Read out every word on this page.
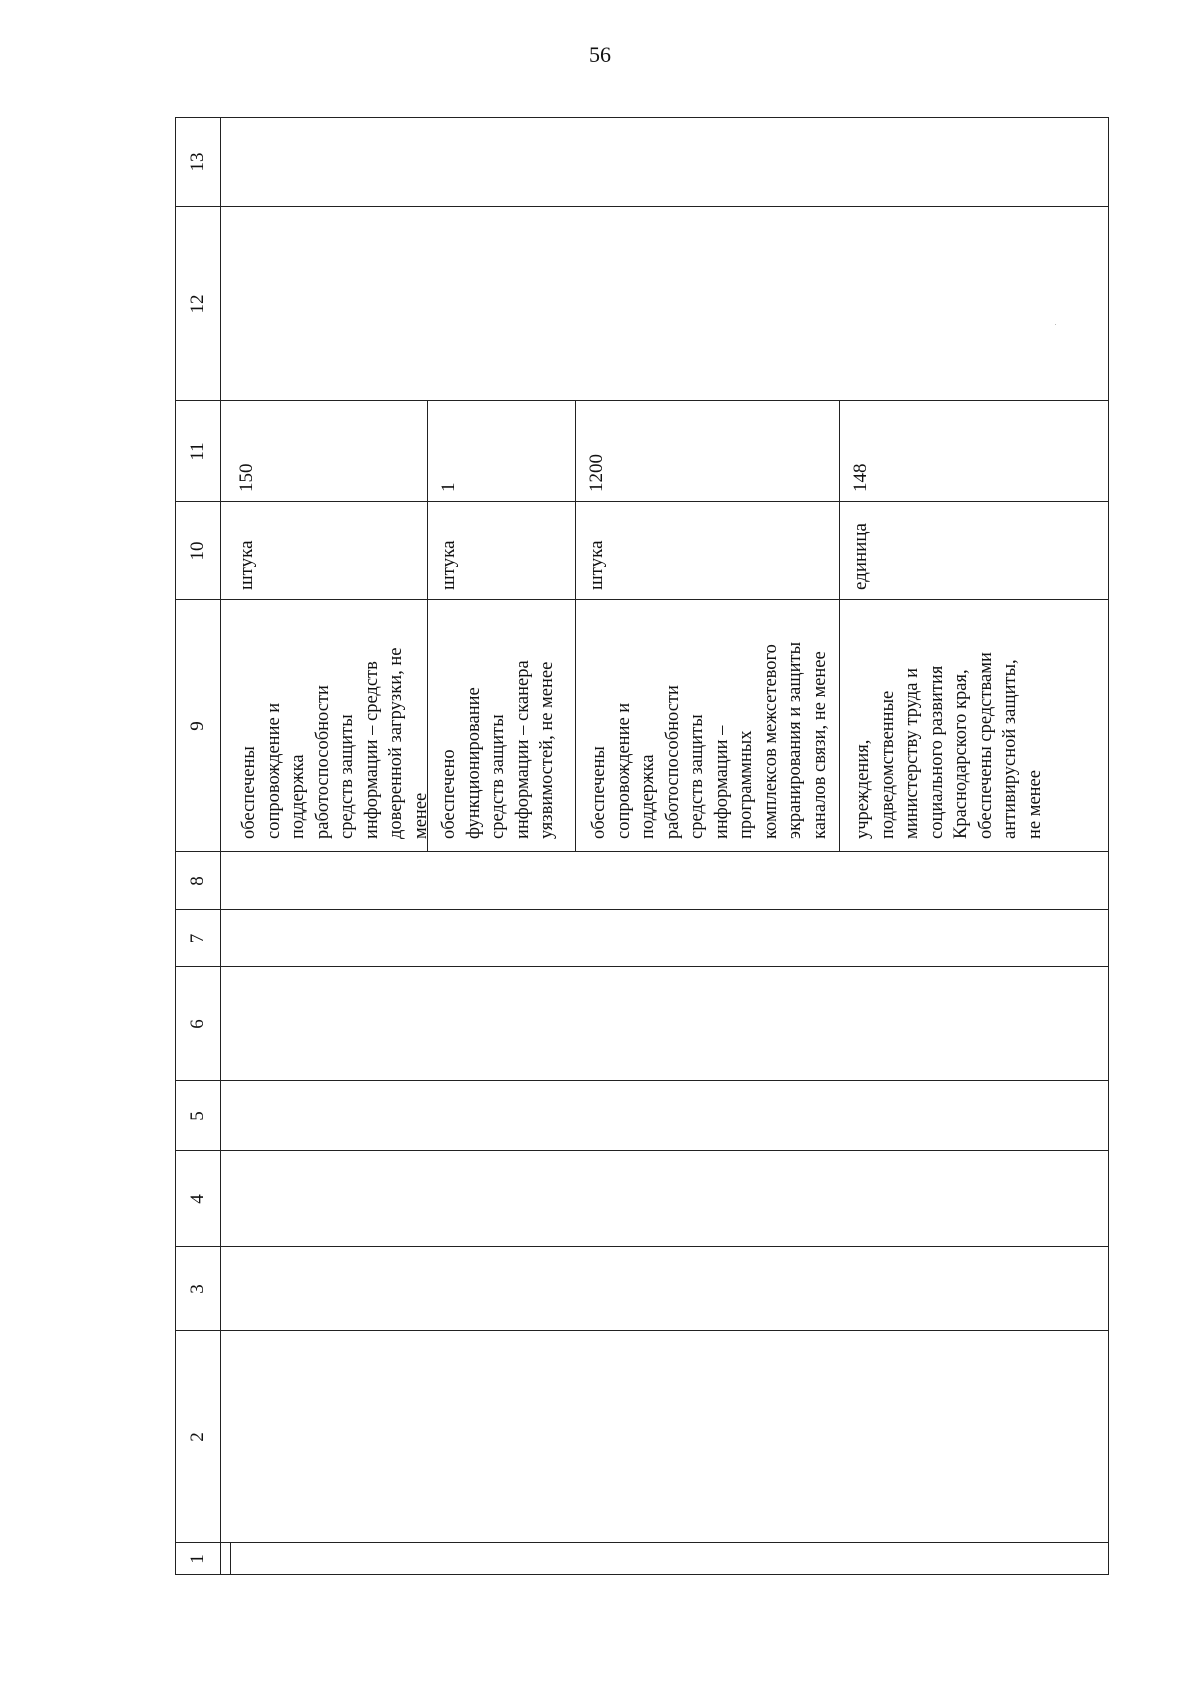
56
1
2
3
4
5
6
7
8
9
10
11
12
13
обеспечены
сопровождение и
поддержка
работоспособности
средств защиты
информации – средств
доверенной загрузки, не
менее
штука
150
обеспечено
функционирование
средств защиты
информации – сканера
уязвимостей, не менее
штука
1
обеспечены
сопровождение и
поддержка
работоспособности
средств защиты
информации –
программных
комплексов межсетевого
экранирования и защиты
каналов связи, не менее
штука
1200
учреждения,
подведомственные
министерству труда и
социального развития
Краснодарского края,
обеспечены средствами
антивирусной защиты,
не менее
единица
148
